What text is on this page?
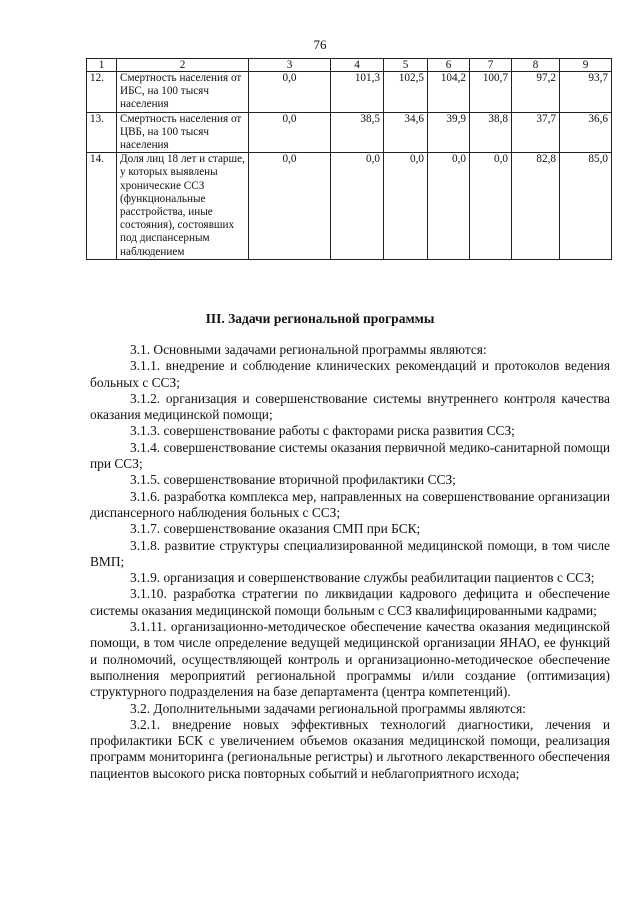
76
1	2	3	4	5	6	7	8	9
12.	Смертность населения от ИБС, на 100 тысяч населения	0,0	101,3	102,5	104,2	100,7	97,2	93,7
13.	Смертность населения от ЦВБ, на 100 тысяч населения	0,0	38,5	34,6	39,9	38,8	37,7	36,6
14.	Доля лиц 18 лет и старше, у которых выявлены хронические ССЗ (функциональные расстройства, иные состояния), состоявших под диспансерным наблюдением	0,0	0,0	0,0	0,0	0,0	82,8	85,0
III. Задачи региональной программы

3.1. Основными задачами региональной программы являются:

3.1.1. внедрение и соблюдение клинических рекомендаций и протоколов ведения больных с ССЗ;

3.1.2. организация и совершенствование системы внутреннего контроля качества оказания медицинской помощи;

3.1.3. совершенствование работы с факторами риска развития ССЗ;

3.1.4. совершенствование системы оказания первичной медико-санитарной помощи при ССЗ;

3.1.5. совершенствование вторичной профилактики ССЗ;

3.1.6. разработка комплекса мер, направленных на совершенствование организации диспансерного наблюдения больных с ССЗ;

3.1.7. совершенствование оказания СМП при БСК;

3.1.8. развитие структуры специализированной медицинской помощи, в том числе ВМП;

3.1.9. организация и совершенствование службы реабилитации пациентов с ССЗ;

3.1.10. разработка стратегии по ликвидации кадрового дефицита и обеспечение системы оказания медицинской помощи больным с ССЗ квалифицированными кадрами;

3.1.11. организационно-методическое обеспечение качества оказания медицинской помощи, в том числе определение ведущей медицинской организации ЯНАО, ее функций и полномочий, осуществляющей контроль и организационно-методическое обеспечение выполнения мероприятий региональной программы и/или создание (оптимизация) структурного подразделения на базе департамента (центра компетенций).

3.2. Дополнительными задачами региональной программы являются:

3.2.1. внедрение новых эффективных технологий диагностики, лечения и профилактики БСК с увеличением объемов оказания медицинской помощи, реализация программ мониторинга (региональные регистры) и льготного лекарственного обеспечения пациентов высокого риска повторных событий и неблагоприятного исхода;
